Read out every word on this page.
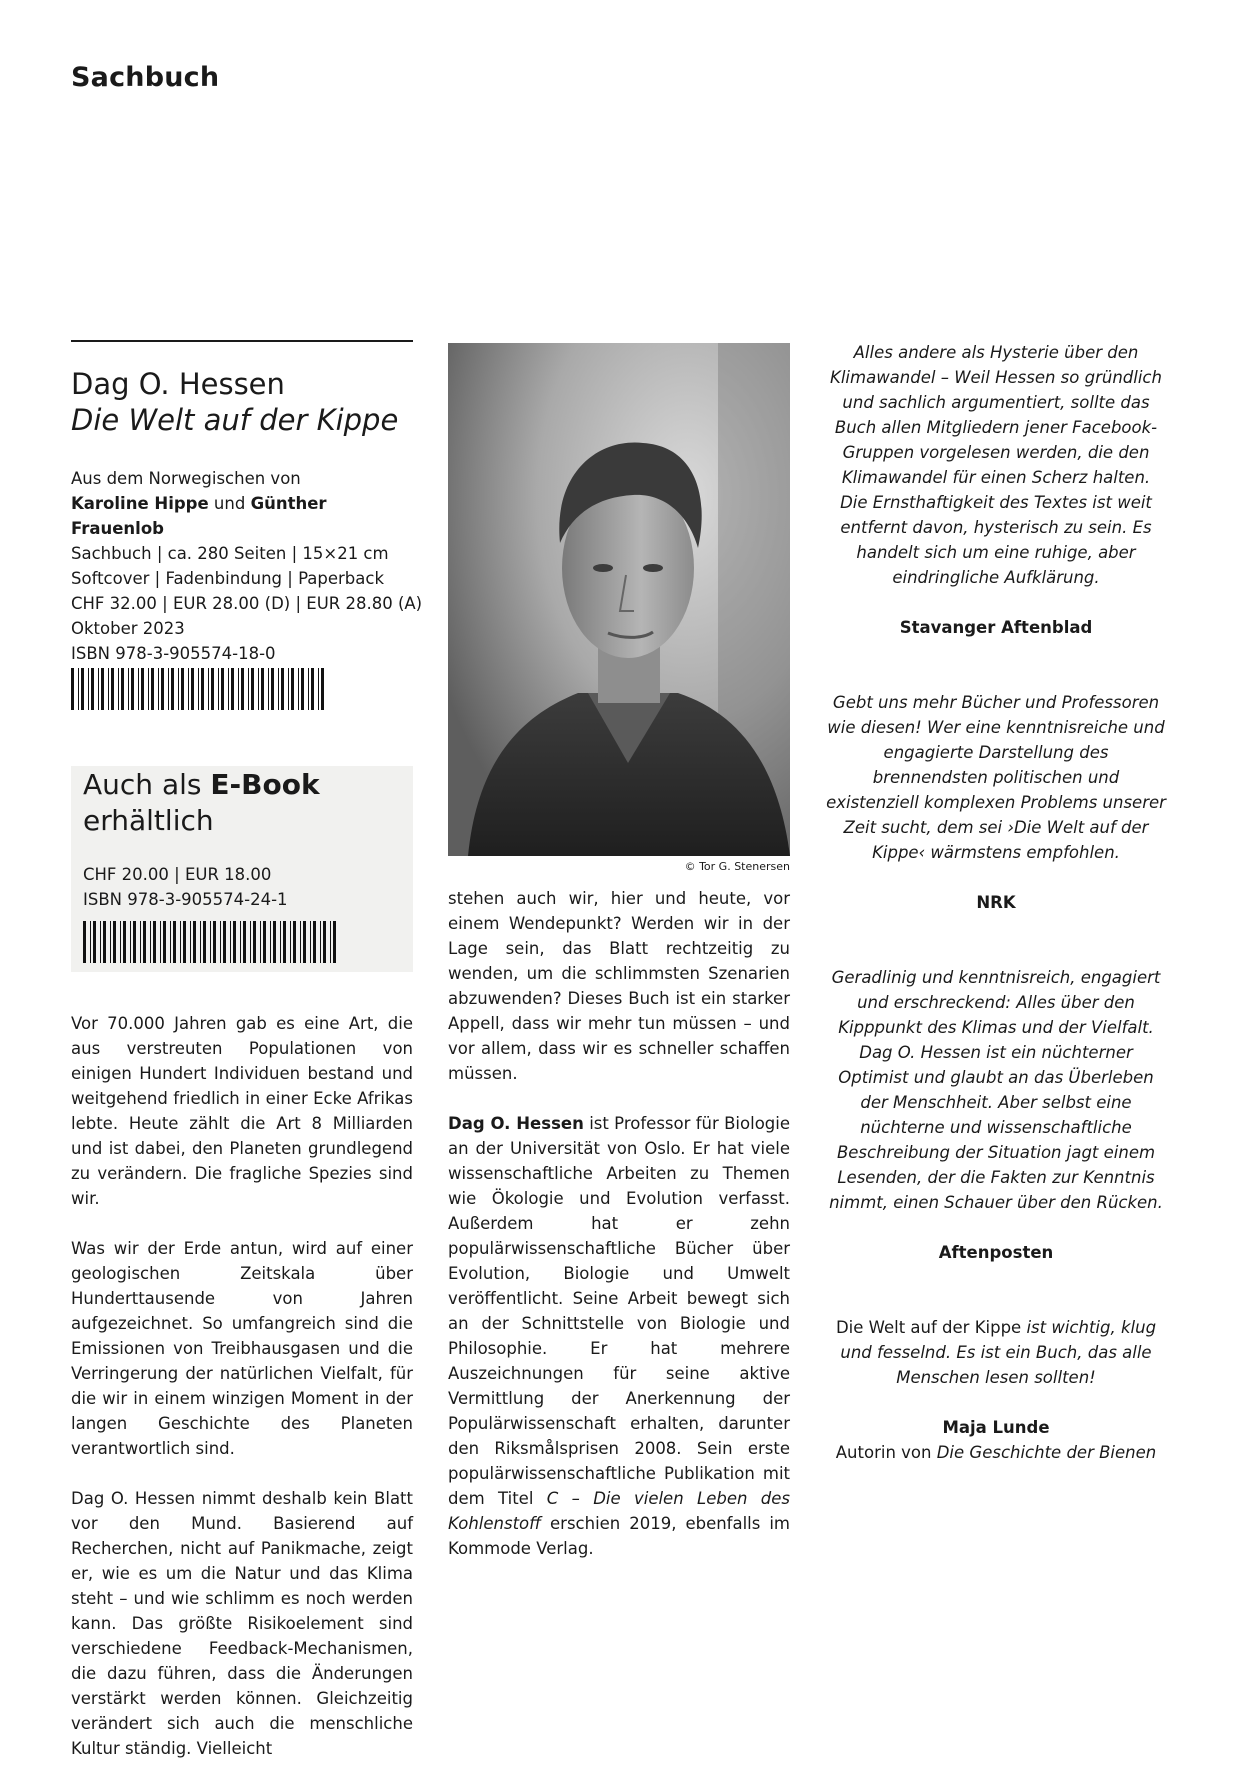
Sachbuch
Dag O. Hessen
Die Welt auf der Kippe
Aus dem Norwegischen von
Karoline Hippe und Günther Frauenlob
Sachbuch | ca. 280 Seiten | 15×21 cm
Softcover | Fadenbindung | Paperback
CHF 32.00 | EUR 28.00 (D) | EUR 28.80 (A)
Oktober 2023
ISBN 978-3-905574-18-0
Auch als E-Book
erhältlich
CHF 20.00 | EUR 18.00
ISBN 978-3-905574-24-1

Vor 70.000 Jahren gab es eine Art, die aus verstreuten Populationen von einigen Hundert Individuen bestand und weitgehend friedlich in einer Ecke Afrikas lebte. Heute zählt die Art 8 Milliarden und ist dabei, den Planeten grundlegend zu verändern. Die fragliche Spezies sind wir.

Was wir der Erde antun, wird auf einer geologischen Zeitskala über Hunderttausende von Jahren aufgezeichnet. So umfangreich sind die Emissionen von Treibhausgasen und die Verringerung der natürlichen Vielfalt, für die wir in einem winzigen Moment in der langen Geschichte des Planeten verantwortlich sind.

Dag O. Hessen nimmt deshalb kein Blatt vor den Mund. Basierend auf Recherchen, nicht auf Panikmache, zeigt er, wie es um die Natur und das Klima steht – und wie schlimm es noch werden kann. Das größte Risikoelement sind verschiedene Feedback-Mechanismen, die dazu führen, dass die Änderungen verstärkt werden können. Gleichzeitig verändert sich auch die menschliche Kultur ständig. Vielleicht

© Tor G. Stenersen

stehen auch wir, hier und heute, vor einem Wendepunkt? Werden wir in der Lage sein, das Blatt rechtzeitig zu wenden, um die schlimmsten Szenarien abzuwenden? Dieses Buch ist ein starker Appell, dass wir mehr tun müssen – und vor allem, dass wir es schneller schaffen müssen.

Dag O. Hessen ist Professor für Biologie an der Universität von Oslo. Er hat viele wissenschaftliche Arbeiten zu Themen wie Ökologie und Evolution verfasst. Außerdem hat er zehn populärwissenschaftliche Bücher über Evolution, Biologie und Umwelt veröffentlicht. Seine Arbeit bewegt sich an der Schnittstelle von Biologie und Philosophie. Er hat mehrere Auszeichnungen für seine aktive Vermittlung der Anerkennung der Populärwissenschaft erhalten, darunter den Riksmålsprisen 2008. Sein erste populärwissenschaftliche Publikation mit dem Titel C – Die vielen Leben des Kohlenstoff erschien 2019, ebenfalls im Kommode Verlag.

Alles andere als Hysterie über den Klimawandel – Weil Hessen so gründlich und sachlich argumentiert, sollte das Buch allen Mitgliedern jener Facebook-Gruppen vorgelesen werden, die den Klimawandel für einen Scherz halten. Die Ernsthaftigkeit des Textes ist weit entfernt davon, hysterisch zu sein. Es handelt sich um eine ruhige, aber eindringliche Aufklärung.
Stavanger Aftenblad
Gebt uns mehr Bücher und Professoren wie diesen! Wer eine kenntnisreiche und engagierte Darstellung des brennendsten politischen und existenziell komplexen Problems unserer Zeit sucht, dem sei ›Die Welt auf der Kippe‹ wärmstens empfohlen.
NRK
Geradlinig und kenntnisreich, engagiert und erschreckend: Alles über den Kipppunkt des Klimas und der Vielfalt. Dag O. Hessen ist ein nüchterner Optimist und glaubt an das Überleben der Menschheit. Aber selbst eine nüchterne und wissenschaftliche Beschreibung der Situation jagt einem Lesenden, der die Fakten zur Kenntnis nimmt, einen Schauer über den Rücken.
Aftenposten
Die Welt auf der Kippe ist wichtig, klug und fesselnd. Es ist ein Buch, das alle Menschen lesen sollten!
Maja Lunde
Autorin von Die Geschichte der Bienen
